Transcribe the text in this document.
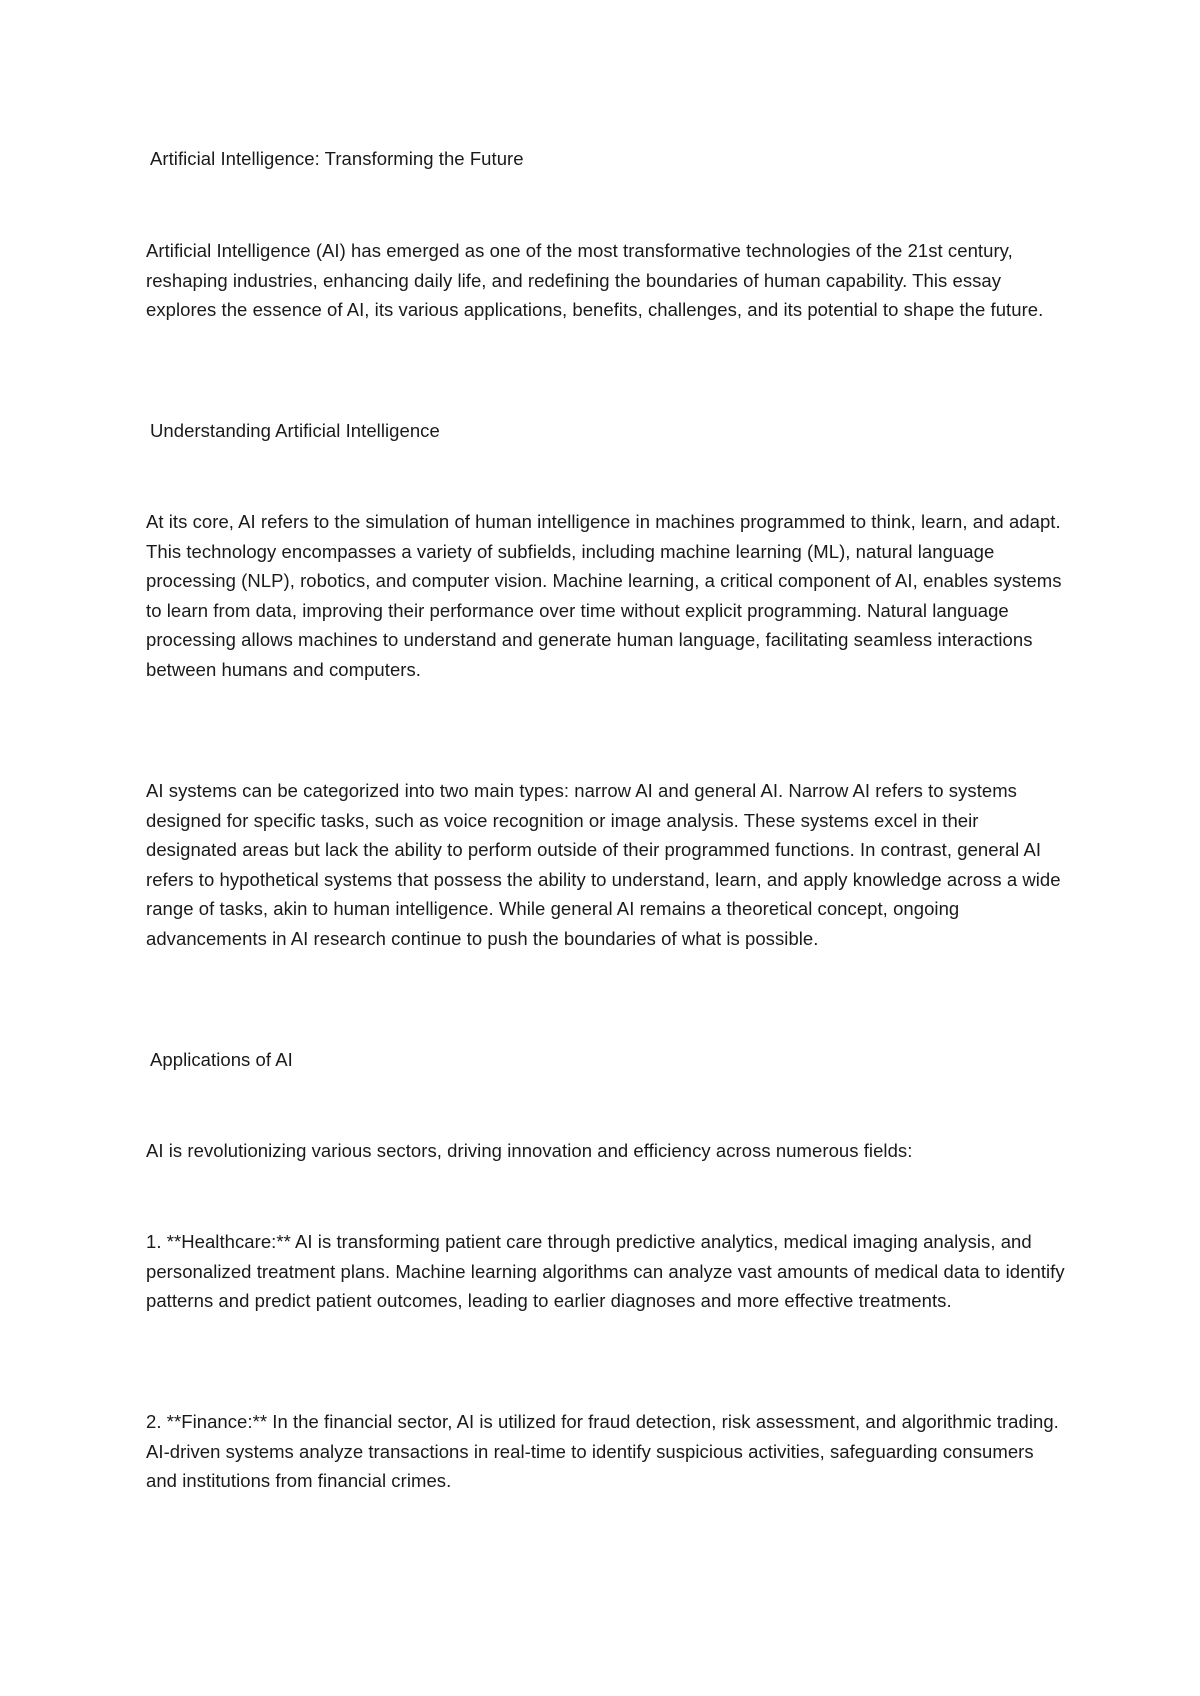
Artificial Intelligence: Transforming the Future

Artificial Intelligence (AI) has emerged as one of the most transformative technologies of the 21st century, reshaping industries, enhancing daily life, and redefining the boundaries of human capability. This essay explores the essence of AI, its various applications, benefits, challenges, and its potential to shape the future.

Understanding Artificial Intelligence

At its core, AI refers to the simulation of human intelligence in machines programmed to think, learn, and adapt. This technology encompasses a variety of subfields, including machine learning (ML), natural language processing (NLP), robotics, and computer vision. Machine learning, a critical component of AI, enables systems to learn from data, improving their performance over time without explicit programming. Natural language processing allows machines to understand and generate human language, facilitating seamless interactions between humans and computers.

AI systems can be categorized into two main types: narrow AI and general AI. Narrow AI refers to systems designed for specific tasks, such as voice recognition or image analysis. These systems excel in their designated areas but lack the ability to perform outside of their programmed functions. In contrast, general AI refers to hypothetical systems that possess the ability to understand, learn, and apply knowledge across a wide range of tasks, akin to human intelligence. While general AI remains a theoretical concept, ongoing advancements in AI research continue to push the boundaries of what is possible.

Applications of AI

AI is revolutionizing various sectors, driving innovation and efficiency across numerous fields:

1. **Healthcare:** AI is transforming patient care through predictive analytics, medical imaging analysis, and personalized treatment plans. Machine learning algorithms can analyze vast amounts of medical data to identify patterns and predict patient outcomes, leading to earlier diagnoses and more effective treatments.

2. **Finance:** In the financial sector, AI is utilized for fraud detection, risk assessment, and algorithmic trading. AI-driven systems analyze transactions in real-time to identify suspicious activities, safeguarding consumers and institutions from financial crimes.
